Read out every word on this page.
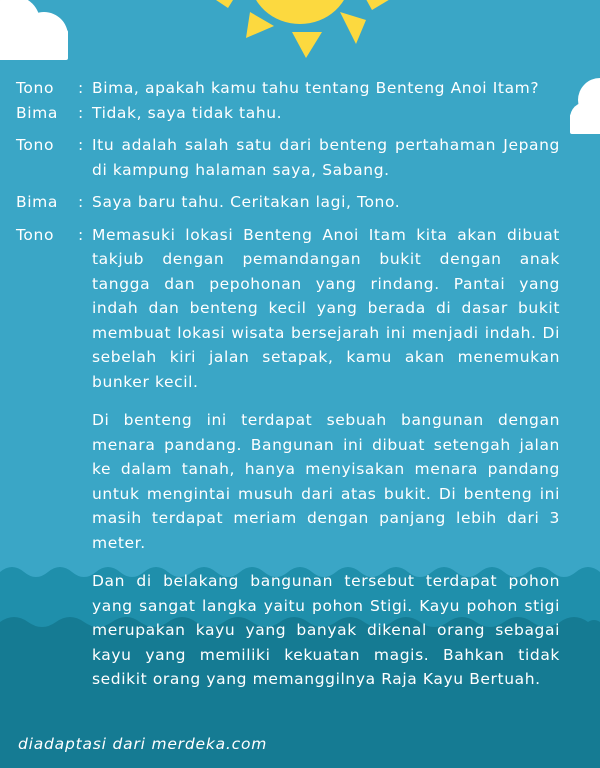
Tono	: Bima, apakah kamu tahu tentang Benteng Anoi Itam?
Bima	: Tidak, saya tidak tahu.
Tono	: Itu adalah salah satu dari benteng pertahaman Jepang di kampung halaman saya, Sabang.
Bima	: Saya baru tahu. Ceritakan lagi, Tono.
Tono	: Memasuki lokasi Benteng Anoi Itam kita akan dibuat takjub dengan pemandangan bukit dengan anak tangga dan pepohonan yang rindang. Pantai yang indah dan benteng kecil yang berada di dasar bukit membuat lokasi wisata bersejarah ini menjadi indah. Di sebelah kiri jalan setapak, kamu akan menemukan bunker kecil.
Di benteng ini terdapat sebuah bangunan dengan menara pandang. Bangunan ini dibuat setengah jalan ke dalam tanah, hanya menyisakan menara pandang untuk mengintai musuh dari atas bukit. Di benteng ini masih terdapat meriam dengan panjang lebih dari 3 meter.
Dan di belakang bangunan tersebut terdapat pohon yang sangat langka yaitu pohon Stigi. Kayu pohon stigi merupakan kayu yang banyak dikenal orang sebagai kayu yang memiliki kekuatan magis. Bahkan tidak sedikit orang yang memanggilnya Raja Kayu Bertuah.
diadaptasi dari merdeka.com
